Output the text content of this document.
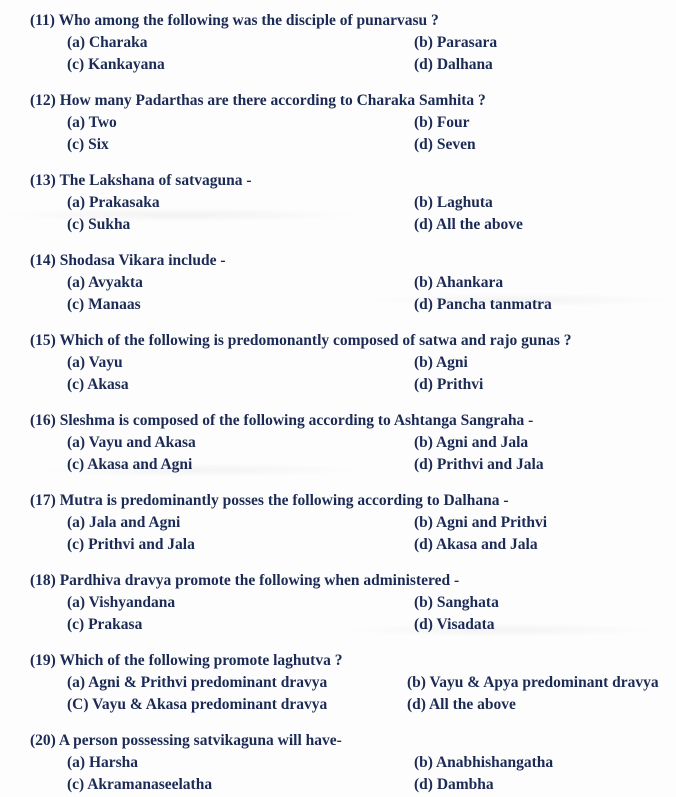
(11) Who among the following was the disciple of punarvasu ?
(a) Charaka	(b) Parasara
(c) Kankayana	(d) Dalhana
(12) How many Padarthas are there according to Charaka Samhita ?
(a) Two	(b) Four
(c) Six	(d) Seven
(13) The Lakshana of satvaguna -
(a) Prakasaka	(b) Laghuta
(c) Sukha	(d) All the above
(14) Shodasa Vikara include -
(a) Avyakta	(b) Ahankara
(c) Manaas	(d) Pancha tanmatra
(15) Which of the following is predomonantly composed of satwa and rajo gunas ?
(a) Vayu	(b) Agni
(c) Akasa	(d) Prithvi
(16) Sleshma is composed of the following according to Ashtanga Sangraha -
(a) Vayu and Akasa	(b) Agni and Jala
(c) Akasa and Agni	(d) Prithvi and Jala
(17) Mutra is predominantly posses the following according to Dalhana -
(a) Jala and Agni	(b) Agni and Prithvi
(c) Prithvi and Jala	(d) Akasa and Jala
(18) Pardhiva dravya promote the following when administered -
(a) Vishyandana	(b) Sanghata
(c) Prakasa	(d) Visadata
(19) Which of the following promote laghutva ?
(a) Agni & Prithvi predominant dravya	(b) Vayu & Apya predominant dravya
(C) Vayu & Akasa predominant dravya	(d) All the above
(20) A person possessing satvikaguna will have-
(a) Harsha	(b) Anabhishangatha
(c) Akramanaseelatha	(d) Dambha
